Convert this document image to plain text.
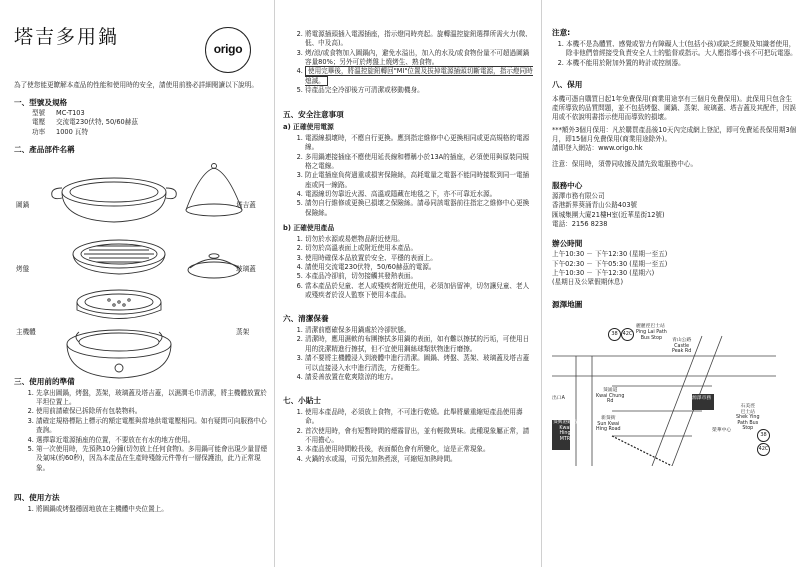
塔吉多用鍋
為了使您能更瞭解本產品的性能和使用時的安全，請使用前務必詳細閱讀以下說明。
一、型號及規格
型號	MC-T103
電壓	交流電230伏特, 50/60赫茲
功率	1000 瓦特
二、產品部件名稱
圖鍋	塔吉蓋
烤盤	玻璃蓋
主機體	蒸架
三、使用前的準備
1. 先拿出圖鍋，烤盤，蒸架，玻璃蓋及塔吉蓋，以濕潤毛巾清潔，將主機體放置於平坦位置上。
2. 使用前請確保已拆除所有包裝物料。
3. 請確定規格標貼上標示的額定電壓與當地供電電壓相同。如有疑問可向服務中心查詢。
4. 選擇靠近電源插座的位置，不要放在有水的地方使用。
5. 第一次使用時，先預熱10分鐘(切勿放上任何食物)。多用鍋可能會出現少量冒煙及氣味(約60秒)，因為本產品在生產時殘餘元件帶有一層保護油，此乃正常現象。
四、使用方法
1. 將圖鍋或烤盤穩固地放在主機體中央位置上。
2. 將電源插頭插入電源插座，指示燈同時亮起。旋轉溫控旋鈕選擇所需火力(微、低、中及高)。
3. 烤/涼/或食物加入圖鍋內，避免水溢出，加入的水及/或食物份量不可超過圖鍋容量80%；另外可於烤盤上燒烤生、熟食物。
4. 使用完畢後，將溫控旋鈕轉回"MI"位置及拔掉電源插頭切斷電源，指示燈同時熄滅。
5. 待產品完全冷卻後方可清潔或移動機身。
五、安全注意事項
a) 正確使用電源
1. 電源線損壞時，不應自行更換。應到指定維修中心更換相同或更高規格的電源線。
2. 多用鍋連接插座不應使用延長線和標稱小於13A的插座，必須使用與原裝同規格之電線。
3. 防止電插座負荷過重或損害保險絲，高耗電量之電器不能同時接駁到同一電插座或同一線路。
4. 電源線切勿靠近火源、高溫或隱藏在地毯之下，亦不可靠近水源。
5. 請勿自行維修或更換已損壞之保險絲。請尋同該電器前往指定之維修中心更換保險絲。
b) 正確使用產品
1. 切勿於水源或易燃物品附近使用。
2. 切勿於高溫表面上或附近使用本產品。
3. 使用時確保本品放置於安全、平穩的表面上。
4. 請使用交流電230伏特，50/60赫茲的電源。
5. 本產品冷卻前，切勿接觸其發熱表面。
6. 當本產品於兒童、老人或殘疾者附近使用，必須加倍留神，切勿讓兒童、老人或殘疾者於沒人監察下使用本產品。
六、清潔保養
1. 清潔前應確保多用鍋處於冷卻狀態。
2. 清潔時，應用濕軟的布團擦拭多用鍋的表面，如有難以擦拭的污垢，可使用日用的洗潔精進行擦拭，但不宜使用鋼絲球類狀物進行磨擦。
3. 請不要將主機體浸入到液體中進行清潔。圖鍋、烤盤、蒸架、玻璃蓋及塔吉蓋可以直接浸入水中進行清洗，方便衛生。
4. 請妥善放置在乾爽陰涼的地方。
七、小貼士
1. 使用本產品時，必須放上食物，不可進行乾燒。此舉將嚴重縮短產品使用壽命。
2. 首次使用時，會有短暫時間的煙霧冒出，並有輕微異味。此種現象屬正常，請不用擔心。
3. 本產品使用時間較長後，表面顏色會有所變化，這是正常現象。
4. 火鍋的水或湯，可預先加熱煮滾，可縮短加熱時間。
注意:
1. 本機不是為體質、感覺或智力有障礙人士(包括小孩)或缺乏經驗及知識者使用，除非他們曾經接受負責安全人士的監督或指示。大人應指導小孩不可把玩電器。
2. 本機不能用於附加外置的時計或控制器。
八、保用

本機可憑自購買日起1年免費保用(商業用途享有三個月免費保用)。此保用只包含生產所導致的品質問題，並不包括烤盤、圖鍋、蒸架、玻璃蓋、塔吉蓋及其配件，因誤用或不依說明書指示使用而導致的損壞。

***額外3個月保用：凡於購買產品後10天內完成網上登記，即可免費延長保用期3個月，即15個月免費保用(商業用途除外)。

請即登入網站：www.origo.hk

注意：保用時，須帶同收據及請先致電服務中心。

服務中心
源澤市務有限公司
香港新界葵涌青山公路403號
匯城集團大廈21樓H室(近華星街12號)
電話：2156 8238
辦公時間
上午10:30 － 下午12:30 (星期一至五)
下午02:30 － 下午05:30 (星期一至五)
上午10:30 － 下午12:30 (星期六)
(星期日及公眾假期休息)
源澤地圖
38 42C
麗麗徑巴士站
Ping Lai Path
Bus Stop
38
42C
石美徑
巴士站
Shek Ying
Path Bus
Stop
出口A
葵興港鐵站
Kwai
Hing
MTR
葵涌道
Kwai Chung
Rd
新葵街
Sun Kwai
Hing Road
青山公路
Castle
Peak Rd
源澤市務
榮華中心
origo
